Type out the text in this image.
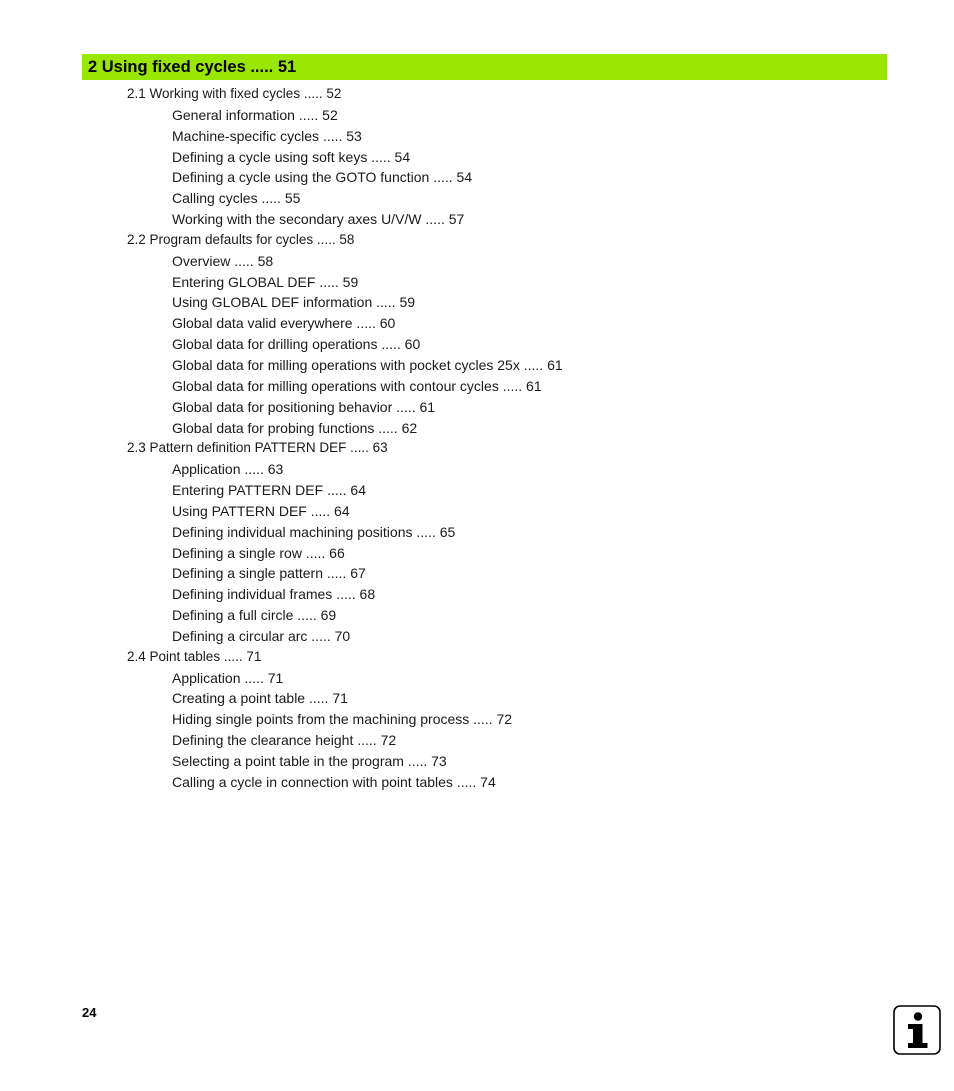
2 Using fixed cycles ..... 51
2.1 Working with fixed cycles ..... 52
General information ..... 52
Machine-specific cycles ..... 53
Defining a cycle using soft keys ..... 54
Defining a cycle using the GOTO function ..... 54
Calling cycles ..... 55
Working with the secondary axes U/V/W ..... 57
2.2 Program defaults for cycles ..... 58
Overview ..... 58
Entering GLOBAL DEF ..... 59
Using GLOBAL DEF information ..... 59
Global data valid everywhere ..... 60
Global data for drilling operations ..... 60
Global data for milling operations with pocket cycles 25x ..... 61
Global data for milling operations with contour cycles ..... 61
Global data for positioning behavior ..... 61
Global data for probing functions ..... 62
2.3 Pattern definition PATTERN DEF ..... 63
Application ..... 63
Entering PATTERN DEF ..... 64
Using PATTERN DEF ..... 64
Defining individual machining positions ..... 65
Defining a single row ..... 66
Defining a single pattern ..... 67
Defining individual frames ..... 68
Defining a full circle ..... 69
Defining a circular arc ..... 70
2.4 Point tables ..... 71
Application ..... 71
Creating a point table ..... 71
Hiding single points from the machining process ..... 72
Defining the clearance height ..... 72
Selecting a point table in the program ..... 73
Calling a cycle in connection with point tables ..... 74
24
